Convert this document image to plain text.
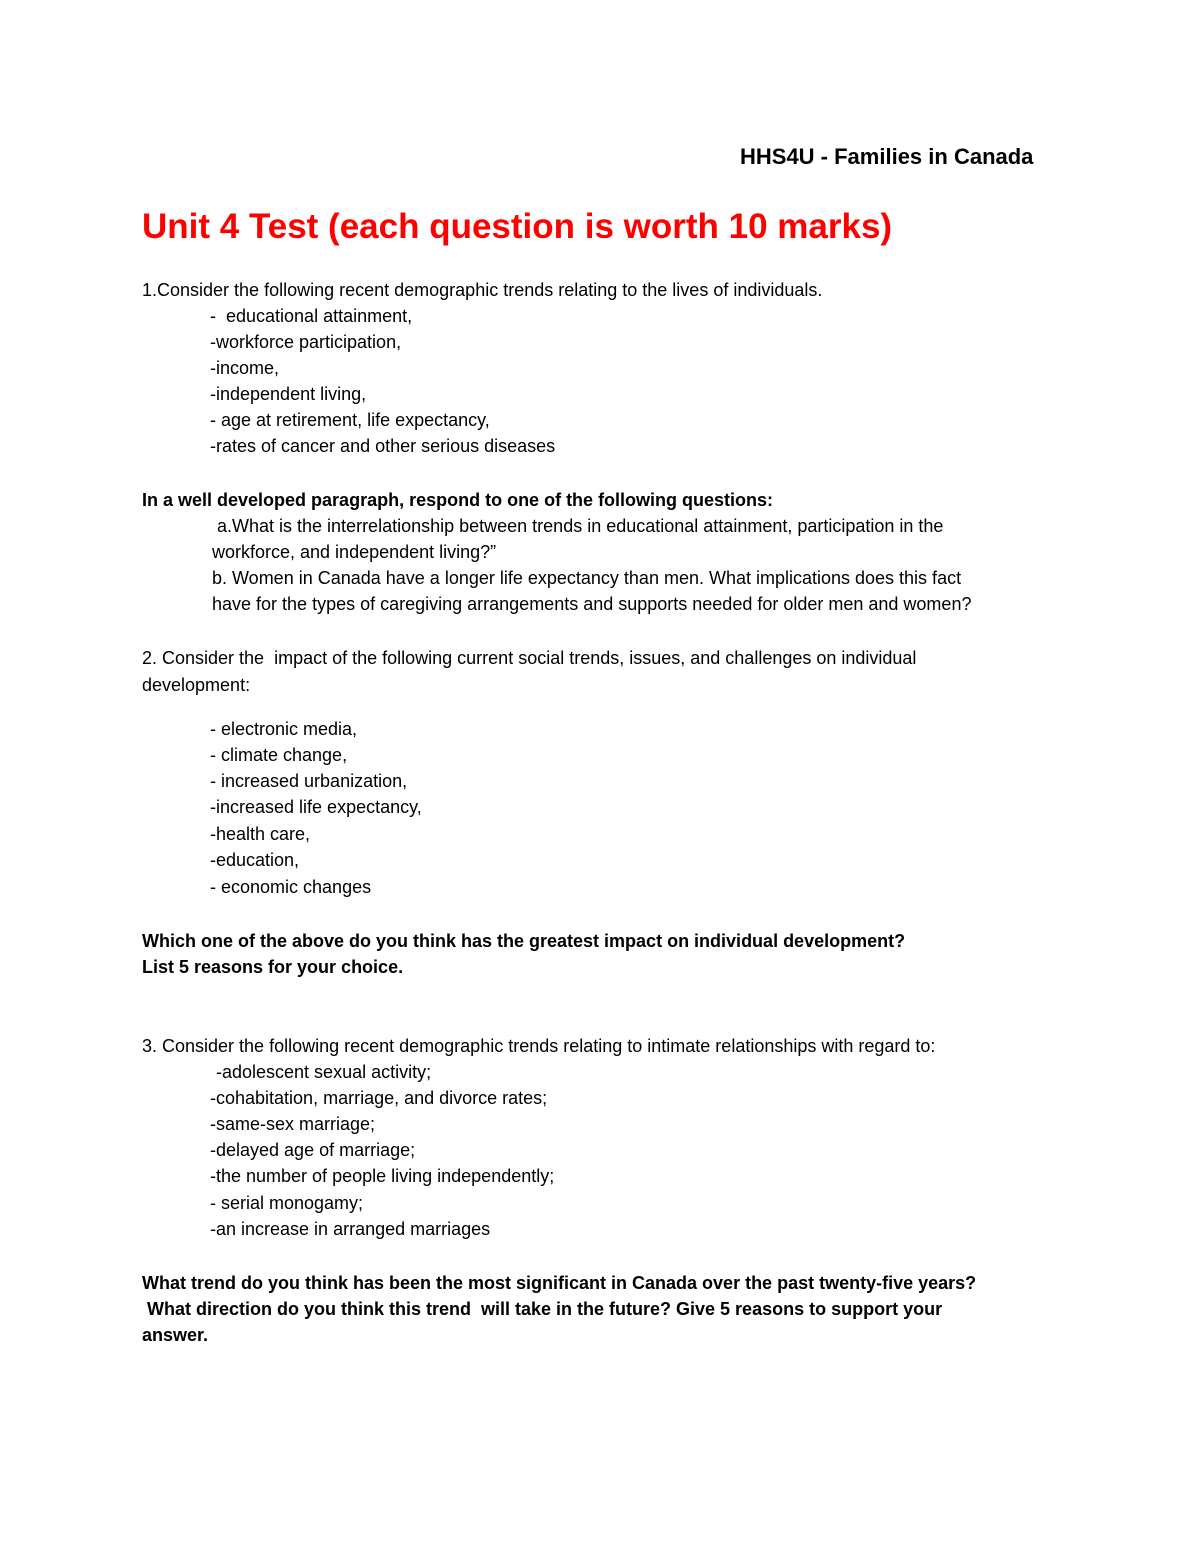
HHS4U - Families in Canada
Unit 4 Test (each question is worth 10 marks)
1.Consider the following recent demographic trends relating to the lives of individuals.
-  educational attainment,
-workforce participation,
-income,
-independent living,
- age at retirement, life expectancy,
-rates of cancer and other serious diseases
In a well developed paragraph, respond to one of the following questions:
a.What is the interrelationship between trends in educational attainment, participation in the
workforce, and independent living?”
b. Women in Canada have a longer life expectancy than men. What implications does this fact
have for the types of caregiving arrangements and supports needed for older men and women?
2. Consider the  impact of the following current social trends, issues, and challenges on individual
development:
- electronic media,
- climate change,
- increased urbanization,
-increased life expectancy,
-health care,
-education,
- economic changes
Which one of the above do you think has the greatest impact on individual development?
List 5 reasons for your choice.
3. Consider the following recent demographic trends relating to intimate relationships with regard to:
-adolescent sexual activity;
-cohabitation, marriage, and divorce rates;
-same-sex marriage;
-delayed age of marriage;
-the number of people living independently;
- serial monogamy;
-an increase in arranged marriages
What trend do you think has been the most significant in Canada over the past twenty-five years?
What direction do you think this trend  will take in the future? Give 5 reasons to support your
answer.
